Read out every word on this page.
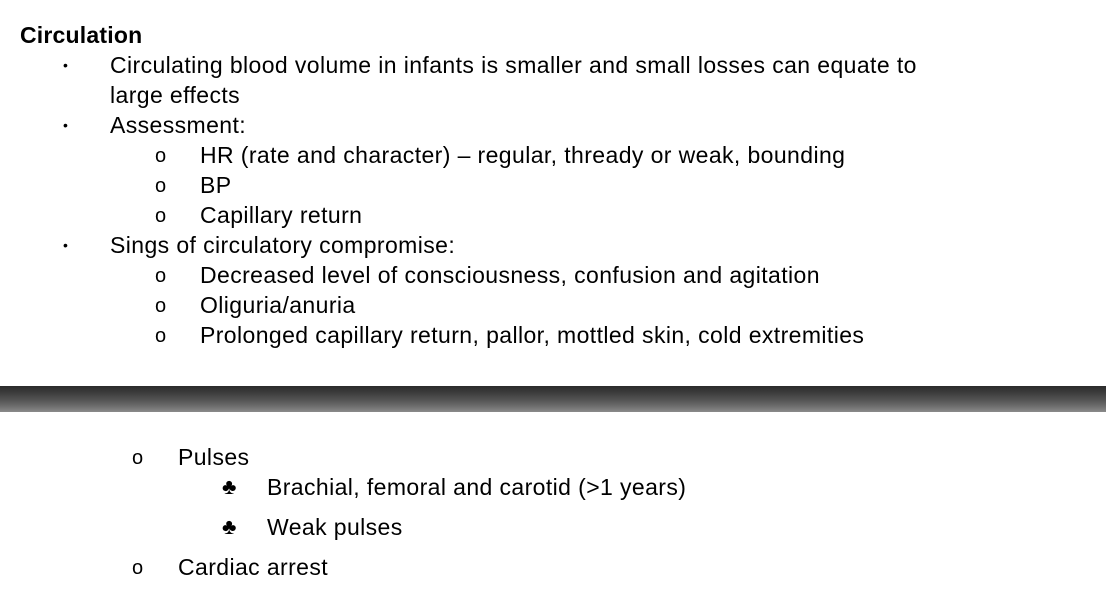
Circulation
• Circulating blood volume in infants is smaller and small losses can equate to
large effects
• Assessment:
o HR (rate and character) – regular, thready or weak, bounding
o BP
o Capillary return
• Sings of circulatory compromise:
o Decreased level of consciousness, confusion and agitation
o Oliguria/anuria
o Prolonged capillary return, pallor, mottled skin, cold extremities
o Pulses
♣ Brachial, femoral and carotid (>1 years)
♣ Weak pulses
o Cardiac arrest
